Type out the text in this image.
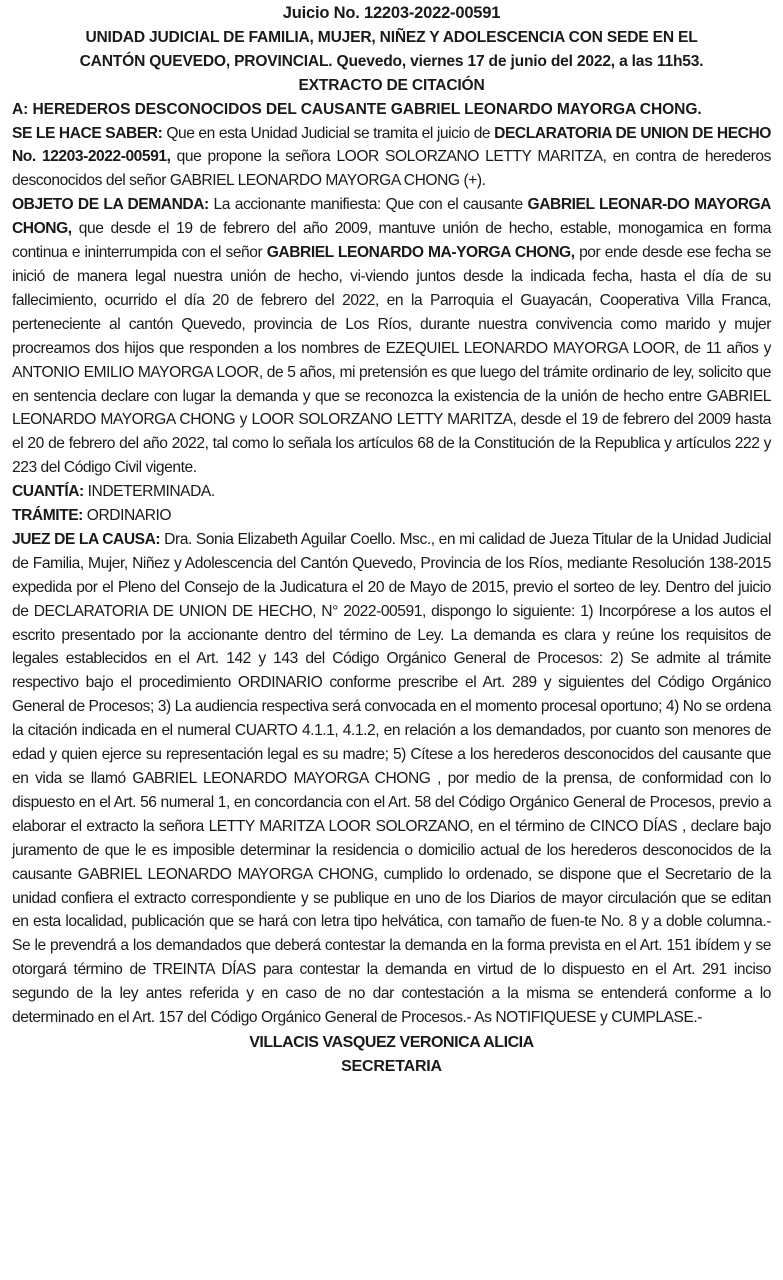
Juicio No. 12203-2022-00591
UNIDAD JUDICIAL DE FAMILIA, MUJER, NIÑEZ Y ADOLESCENCIA CON SEDE EN EL
CANTÓN QUEVEDO, PROVINCIAL. Quevedo, viernes 17 de junio del 2022, a las 11h53.
EXTRACTO DE CITACIÓN

A: HEREDEROS DESCONOCIDOS DEL CAUSANTE GABRIEL LEONARDO MAYORGA CHONG.

SE LE HACE SABER: Que en esta Unidad Judicial se tramita el juicio de DECLARATORIA DE UNION DE HECHO No. 12203-2022-00591, que propone la señora LOOR SOLORZANO LETTY MARITZA, en contra de herederos desconocidos del señor GABRIEL LEONARDO MAYORGA CHONG (+).

OBJETO DE LA DEMANDA: La accionante manifiesta: Que con el causante GABRIEL LEONAR-DO MAYORGA CHONG, que desde el 19 de febrero del año 2009, mantuve unión de hecho, estable, monogamica en forma continua e ininterrumpida con el señor GABRIEL LEONARDO MA-YORGA CHONG, por ende desde ese fecha se inició de manera legal nuestra unión de hecho, vi-viendo juntos desde la indicada fecha, hasta el día de su fallecimiento, ocurrido el día 20 de febrero del 2022, en la Parroquia el Guayacán, Cooperativa Villa Franca, perteneciente al cantón Quevedo, provincia de Los Ríos, durante nuestra convivencia como marido y mujer procreamos dos hijos que responden a los nombres de EZEQUIEL LEONARDO MAYORGA LOOR, de 11 años y ANTONIO EMILIO MAYORGA LOOR, de 5 años, mi pretensión es que luego del trámite ordinario de ley, solicito que en sentencia declare con lugar la demanda y que se reconozca la existencia de la unión de hecho entre GABRIEL LEONARDO MAYORGA CHONG y LOOR SOLORZANO LETTY MARITZA, desde el 19 de febrero del 2009 hasta el 20 de febrero del año 2022, tal como lo señala los artículos 68 de la Constitución de la Republica y artículos 222 y 223 del Código Civil vigente.

CUANTÍA: INDETERMINADA.

TRÁMITE: ORDINARIO

JUEZ DE LA CAUSA: Dra. Sonia Elizabeth Aguilar Coello. Msc., en mi calidad de Jueza Titular de la Unidad Judicial de Familia, Mujer, Niñez y Adolescencia del Cantón Quevedo, Provincia de los Ríos, mediante Resolución 138-2015 expedida por el Pleno del Consejo de la Judicatura el 20 de Mayo de 2015, previo el sorteo de ley. Dentro del juicio de DECLARATORIA DE UNION DE HECHO, N° 2022-00591, dispongo lo siguiente: 1) Incorpórese a los autos el escrito presentado por la accionante dentro del término de Ley. La demanda es clara y reúne los requisitos de legales establecidos en el Art. 142 y 143 del Código Orgánico General de Procesos: 2) Se admite al trámite respectivo bajo el procedimiento ORDINARIO conforme prescribe el Art. 289 y siguientes del Código Orgánico General de Procesos; 3) La audiencia respectiva será convocada en el momento procesal oportuno; 4) No se ordena la citación indicada en el numeral CUARTO 4.1.1, 4.1.2, en relación a los demandados, por cuanto son menores de edad y quien ejerce su representación legal es su madre; 5) Cítese a los herederos desconocidos del causante que en vida se llamó GABRIEL LEONARDO MAYORGA CHONG , por medio de la prensa, de conformidad con lo dispuesto en el Art. 56 numeral 1, en concordancia con el Art. 58 del Código Orgánico General de Procesos, previo a elaborar el extracto la señora LETTY MARITZA LOOR SOLORZANO, en el término de CINCO DÍAS , declare bajo juramento de que le es imposible determinar la residencia o domicilio actual de los herederos desconocidos de la causante GABRIEL LEONARDO MAYORGA CHONG, cumplido lo ordenado, se dispone que el Secretario de la unidad confiera el extracto correspondiente y se publique en uno de los Diarios de mayor circulación que se editan en esta localidad, publicación que se hará con letra tipo helvática, con tamaño de fuen-te No. 8 y a doble columna.- Se le prevendrá a los demandados que deberá contestar la demanda en la forma prevista en el Art. 151 ibídem y se otorgará término de TREINTA DÍAS para contestar la demanda en virtud de lo dispuesto en el Art. 291 inciso segundo de la ley antes referida y en caso de no dar contestación a la misma se entenderá conforme a lo determinado en el Art. 157 del Código Orgánico General de Procesos.- As NOTIFIQUESE y CUMPLASE.-

VILLACIS VASQUEZ VERONICA ALICIA
SECRETARIA
